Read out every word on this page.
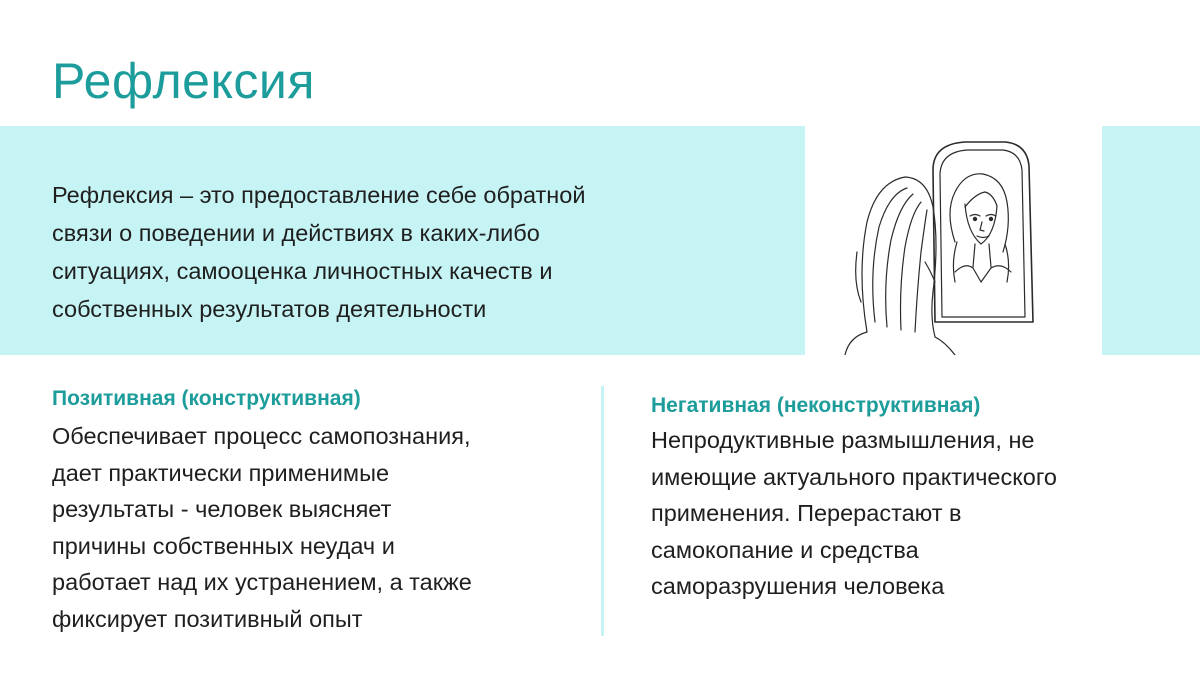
Рефлексия
Рефлексия – это предоставление себе обратной
связи о поведении и действиях в каких-либо
ситуациях, самооценка личностных качеств и
собственных результатов деятельности
Позитивная (конструктивная)
Обеспечивает процесс самопознания,
дает практически применимые
результаты - человек выясняет
причины собственных неудач и
работает над их устранением, а также
фиксирует позитивный опыт
Негативная (неконструктивная)
Непродуктивные размышления, не
имеющие актуального практического
применения. Перерастают в
самокопание и средства
саморазрушения человека
